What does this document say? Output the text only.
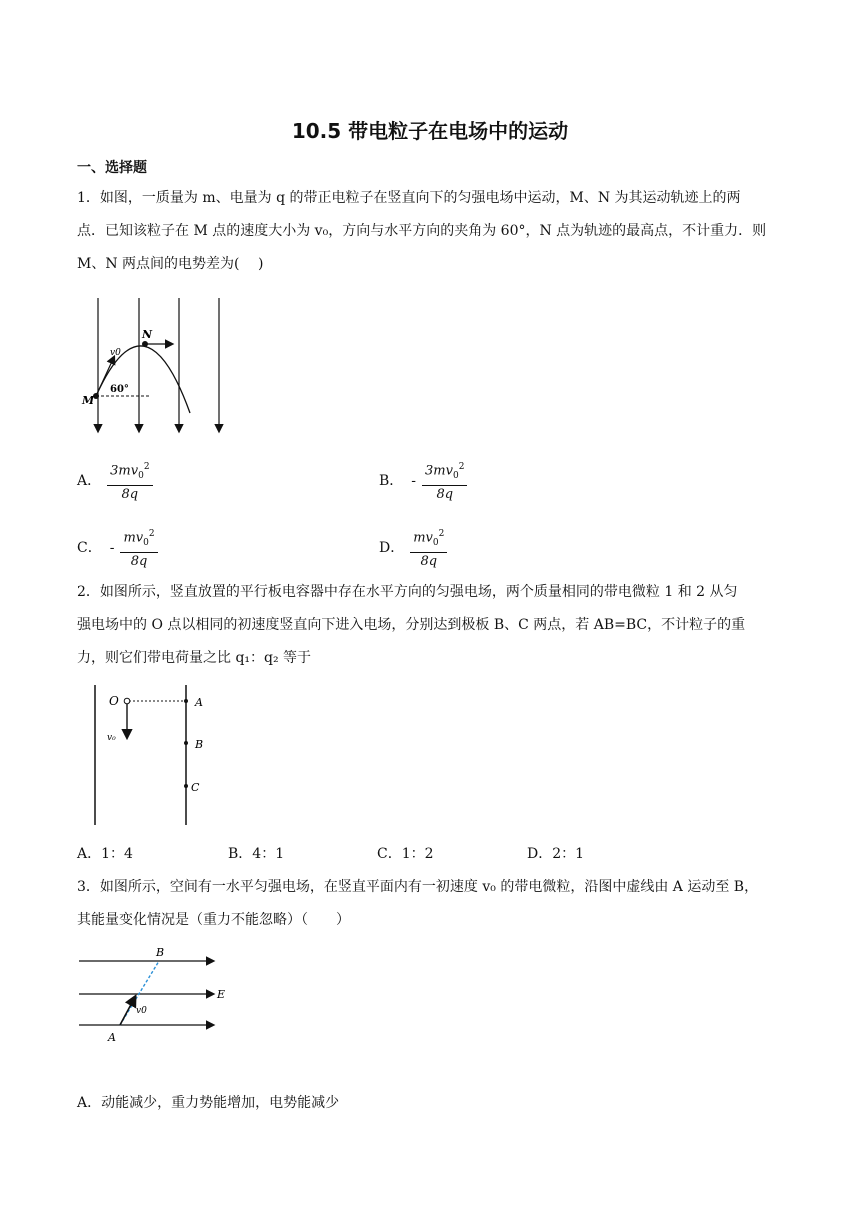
10.5 带电粒子在电场中的运动
一、选择题
1．如图，一质量为 m、电量为 q 的带正电粒子在竖直向下的匀强电场中运动，M、N 为其运动轨迹上的两
点．已知该粒子在 M 点的速度大小为 v₀，方向与水平方向的夹角为 60°，N 点为轨迹的最高点，不计重力．则
M、N 两点间的电势差为(　 )
M
N
v0
60°
A． $\frac{3mv_0^2}{8q}$	B． - $\frac{3mv_0^2}{8q}$
C． - $\frac{mv_0^2}{8q}$	D． $\frac{mv_0^2}{8q}$
2．如图所示，竖直放置的平行板电容器中存在水平方向的匀强电场，两个质量相同的带电微粒 1 和 2 从匀
强电场中的 O 点以相同的初速度竖直向下进入电场，分别达到极板 B、C 两点，若 AB=BC，不计粒子的重
力，则它们带电荷量之比 q₁：q₂ 等于
O	A
B
C
v₀
A．1：4	B．4：1	C．1：2	D．2：1
3．如图所示，空间有一水平匀强电场，在竖直平面内有一初速度 v₀ 的带电微粒，沿图中虚线由 A 运动至 B，
其能量变化情况是（重力不能忽略）（　　）
A
B
E
v0
A．动能减少，重力势能增加，电势能减少
